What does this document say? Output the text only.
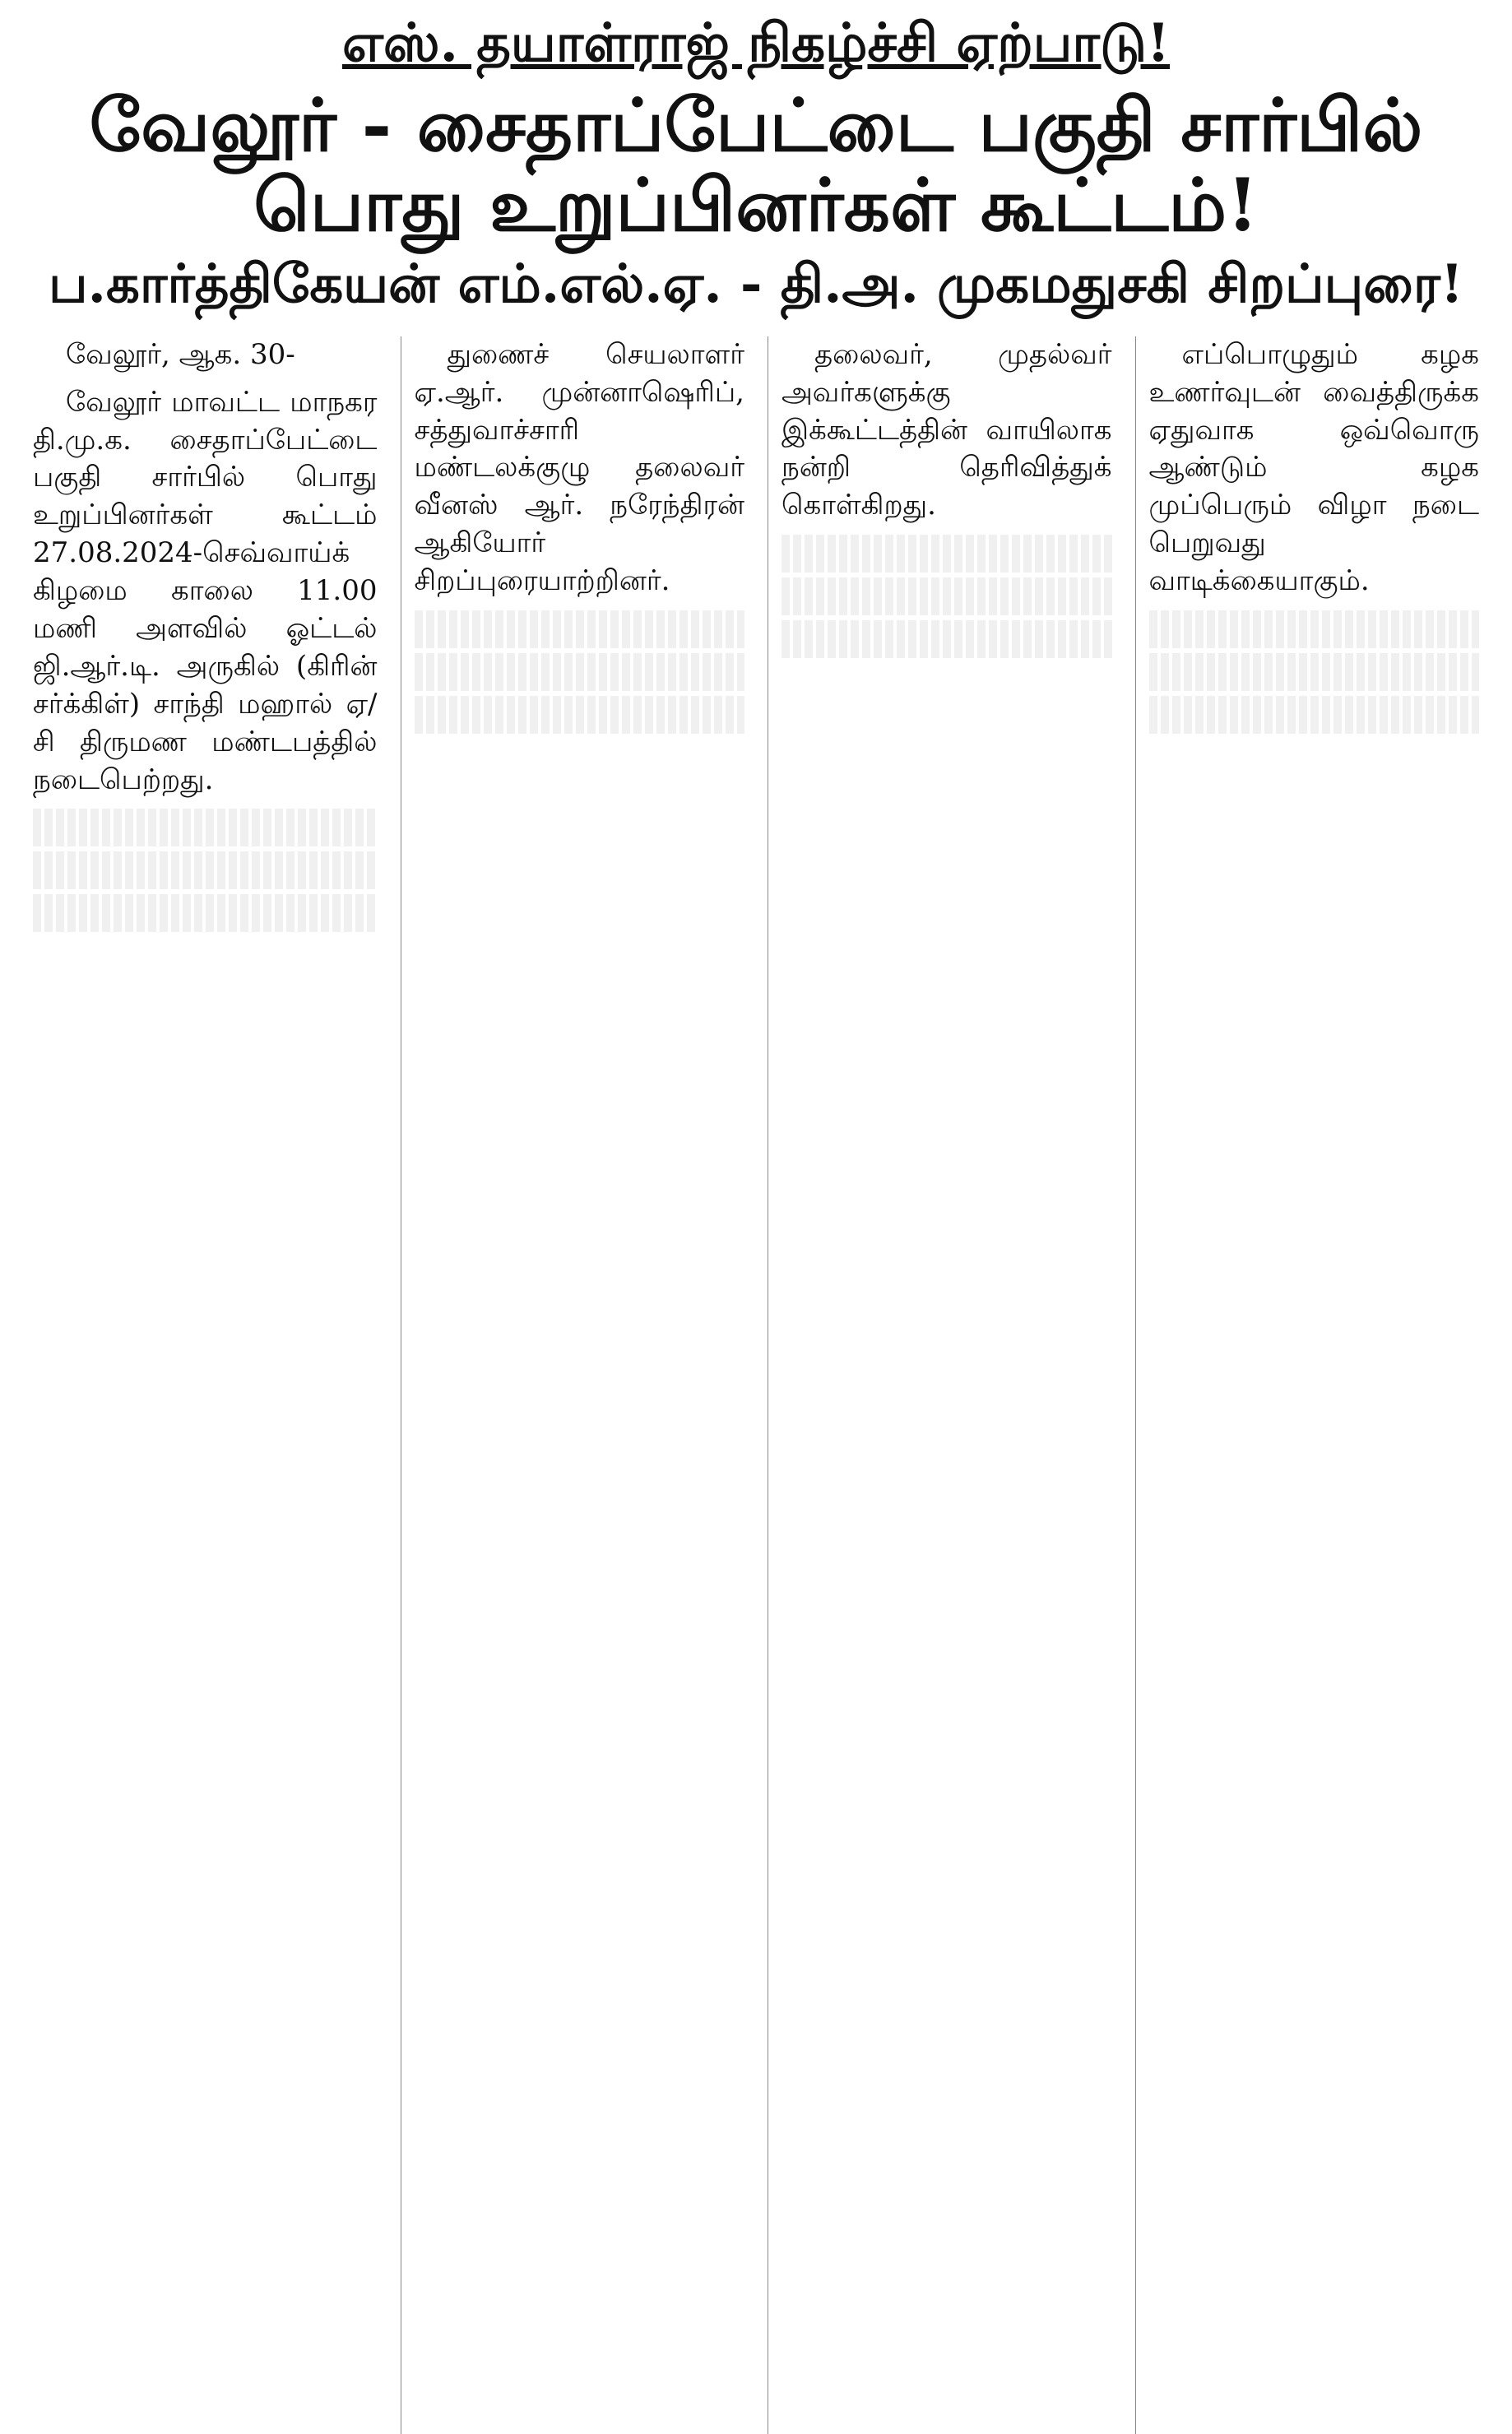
எஸ். தயாள்ராஜ் நிகழ்ச்சி ஏற்பாடு!
வேலூர் - சைதாப்பேட்டை பகுதி சார்பில் பொது உறுப்பினர்கள் கூட்டம்!
ப.கார்த்திகேயன் எம்.எல்.ஏ. - தி.அ. முகமதுசகி சிறப்புரை!

வேலூர், ஆக. 30-

வேலூர் மாவட்ட மாநகர தி.மு.க. சைதாப்பேட்டை பகுதி சார்பில் பொது உறுப்பினர்கள் கூட்டம் 27.08.2024-செவ்வாய்க் கிழமை காலை 11.00 மணி அளவில் ஓட்டல் ஜி.ஆர்.டி. அருகில் (கிரின் சர்க்கிள்) சாந்தி மஹால் ஏ/சி திருமண மண்டபத்தில் நடைபெற்றது.

துணைச் செயலாளர் ஏ.ஆர். முன்னாஷெரிப், சத்துவாச்சாரி மண்டலக்குழு தலைவர் வீனஸ் ஆர். நரேந்திரன் ஆகியோர் சிறப்புரையாற்றினர்.

தலைவர், முதல்வர் அவர்களுக்கு இக்கூட்டத்தின் வாயிலாக நன்றி தெரிவித்துக் கொள்கிறது.

எப்பொழுதும் கழக உணர்வுடன் வைத்திருக்க ஏதுவாக ஒவ்வொரு ஆண்டும் கழக முப்பெரும் விழா நடை பெறுவது வாடிக்கையாகும்.
